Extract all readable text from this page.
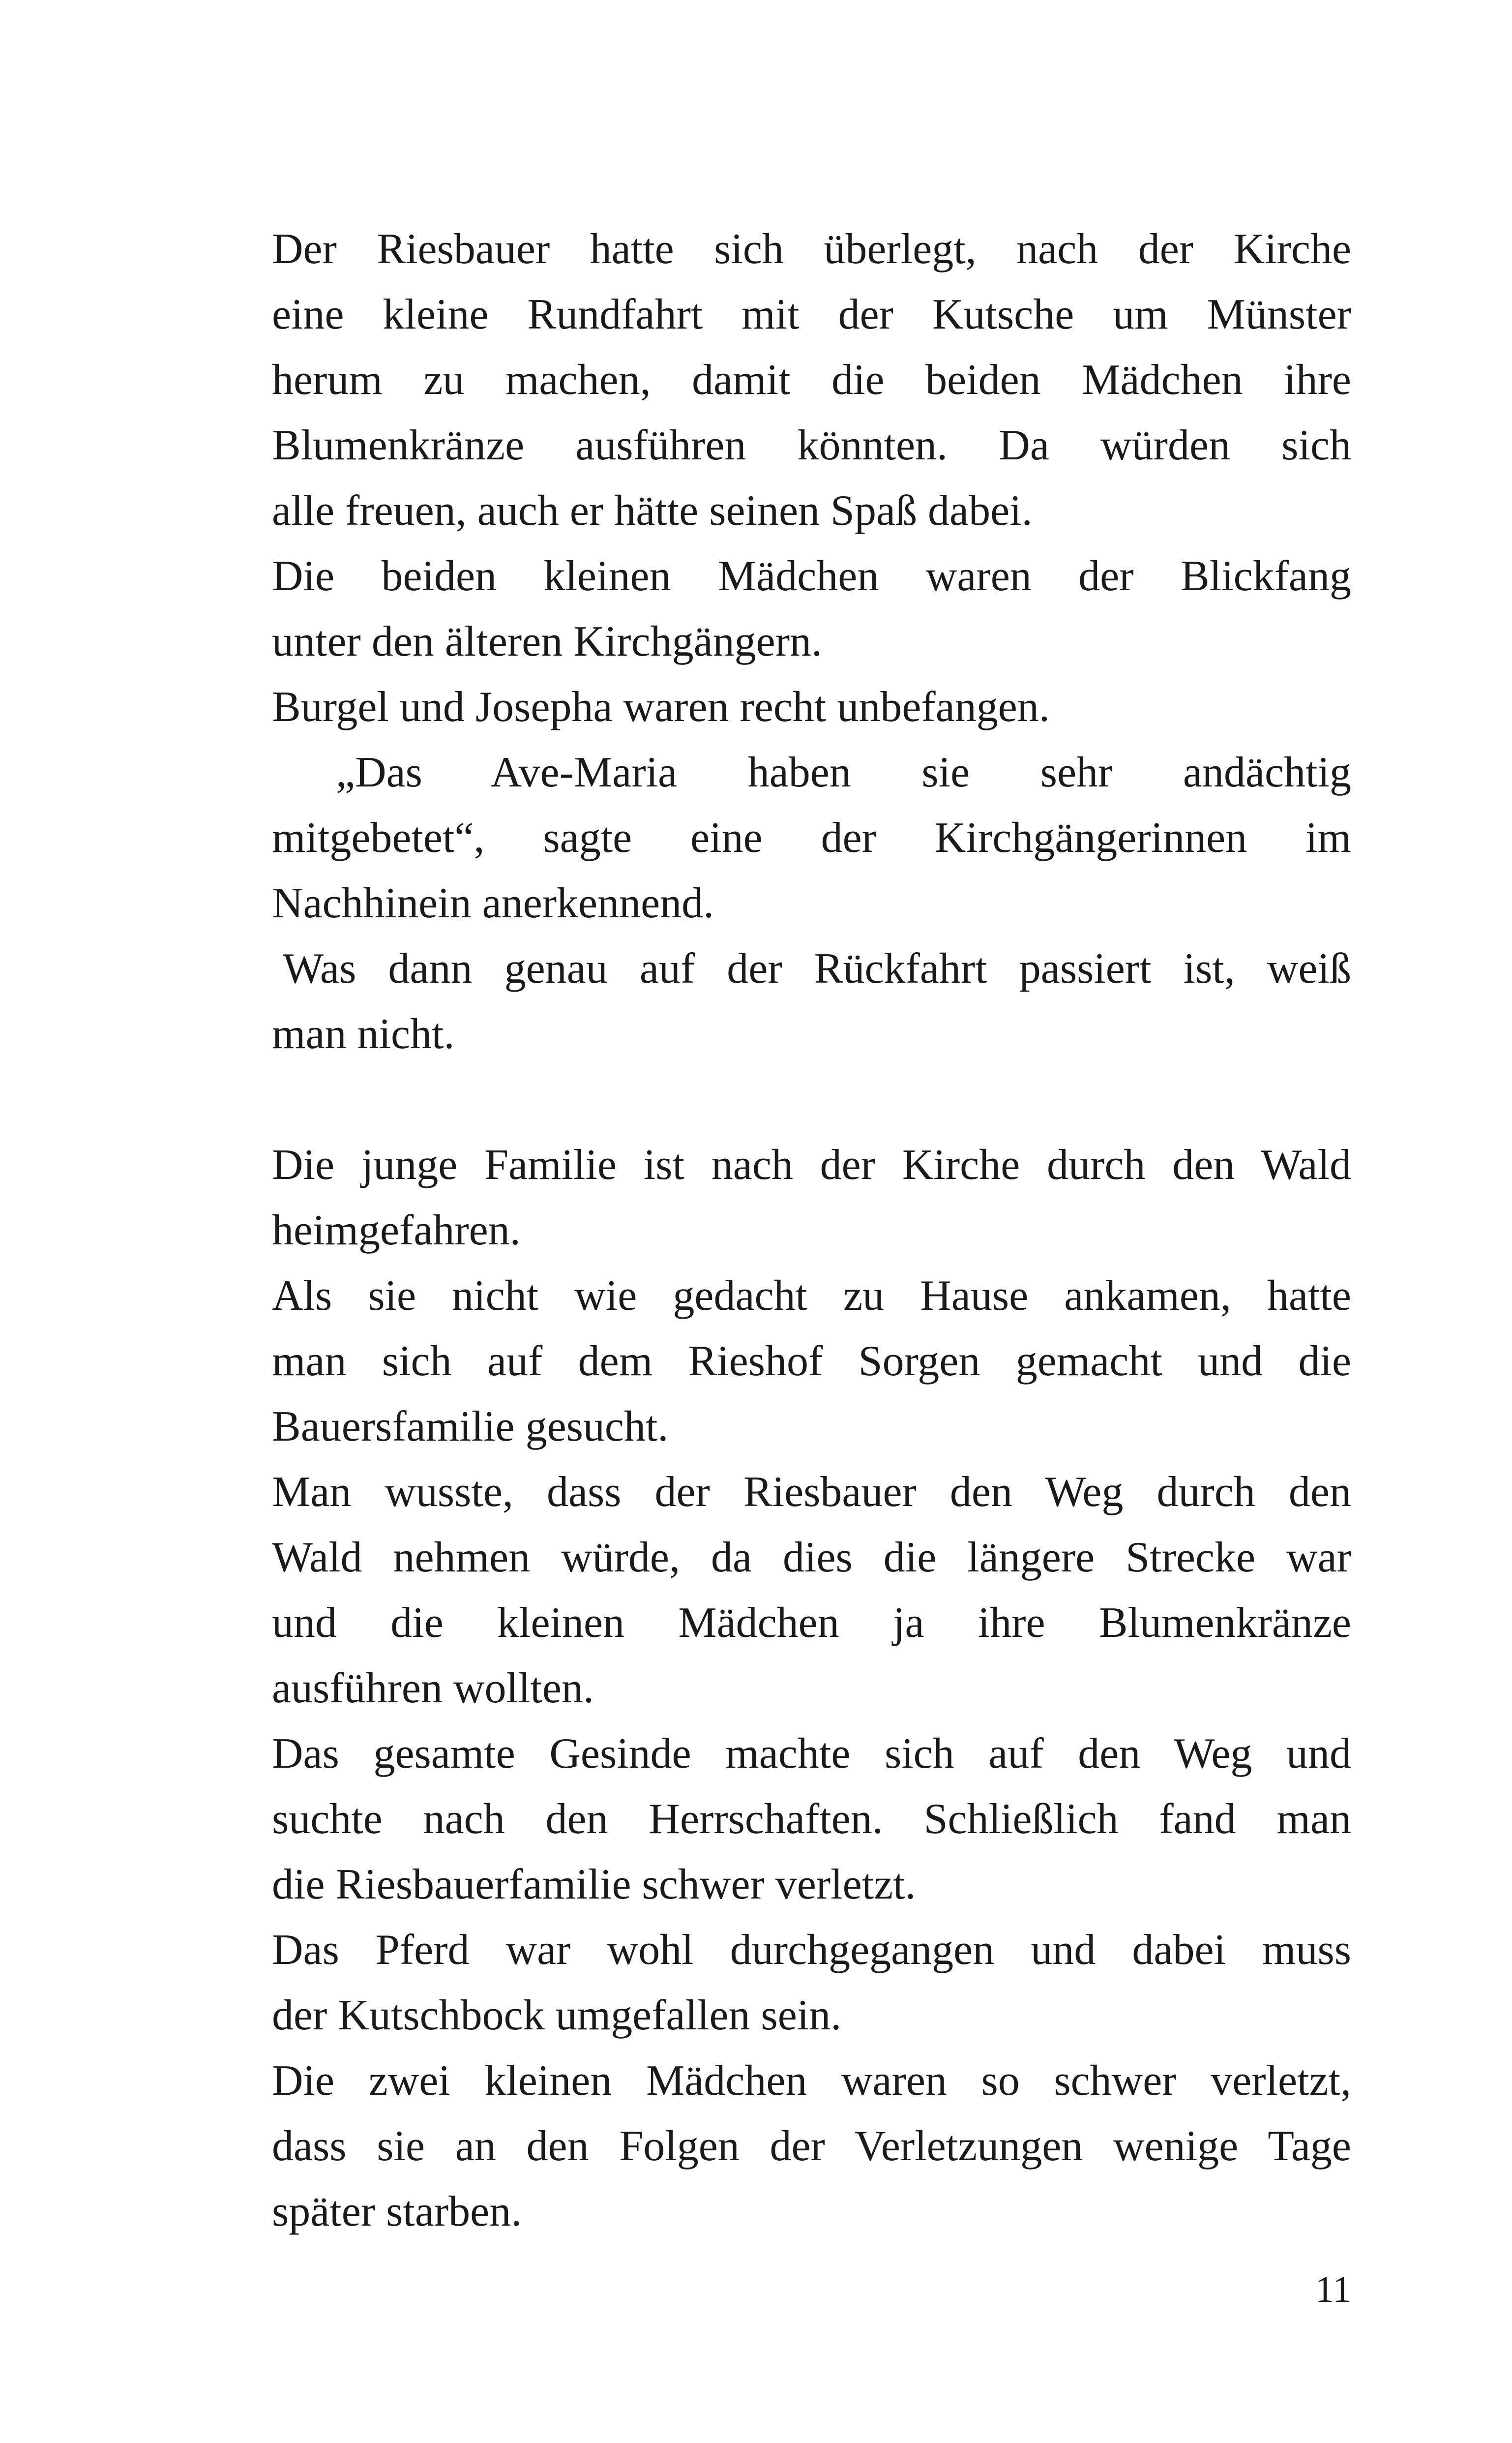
Der Riesbauer hatte sich überlegt, nach der Kirche
eine kleine Rundfahrt mit der Kutsche um Münster
herum zu machen, damit die beiden Mädchen ihre
Blumenkränze ausführen könnten. Da würden sich
alle freuen, auch er hätte seinen Spaß dabei.
Die beiden kleinen Mädchen waren der Blickfang
unter den älteren Kirchgängern.
Burgel und Josepha waren recht unbefangen.
„Das Ave-Maria haben sie sehr andächtig
mitgebetet“, sagte eine der Kirchgängerinnen im
Nachhinein anerkennend.
Was dann genau auf der Rückfahrt passiert ist, weiß
man nicht.
Die junge Familie ist nach der Kirche durch den Wald
heimgefahren.
Als sie nicht wie gedacht zu Hause ankamen, hatte
man sich auf dem Rieshof Sorgen gemacht und die
Bauersfamilie gesucht.
Man wusste, dass der Riesbauer den Weg durch den
Wald nehmen würde, da dies die längere Strecke war
und die kleinen Mädchen ja ihre Blumenkränze
ausführen wollten.
Das gesamte Gesinde machte sich auf den Weg und
suchte nach den Herrschaften. Schließlich fand man
die Riesbauerfamilie schwer verletzt.
Das Pferd war wohl durchgegangen und dabei muss
der Kutschbock umgefallen sein.
Die zwei kleinen Mädchen waren so schwer verletzt,
dass sie an den Folgen der Verletzungen wenige Tage
später starben.
11
